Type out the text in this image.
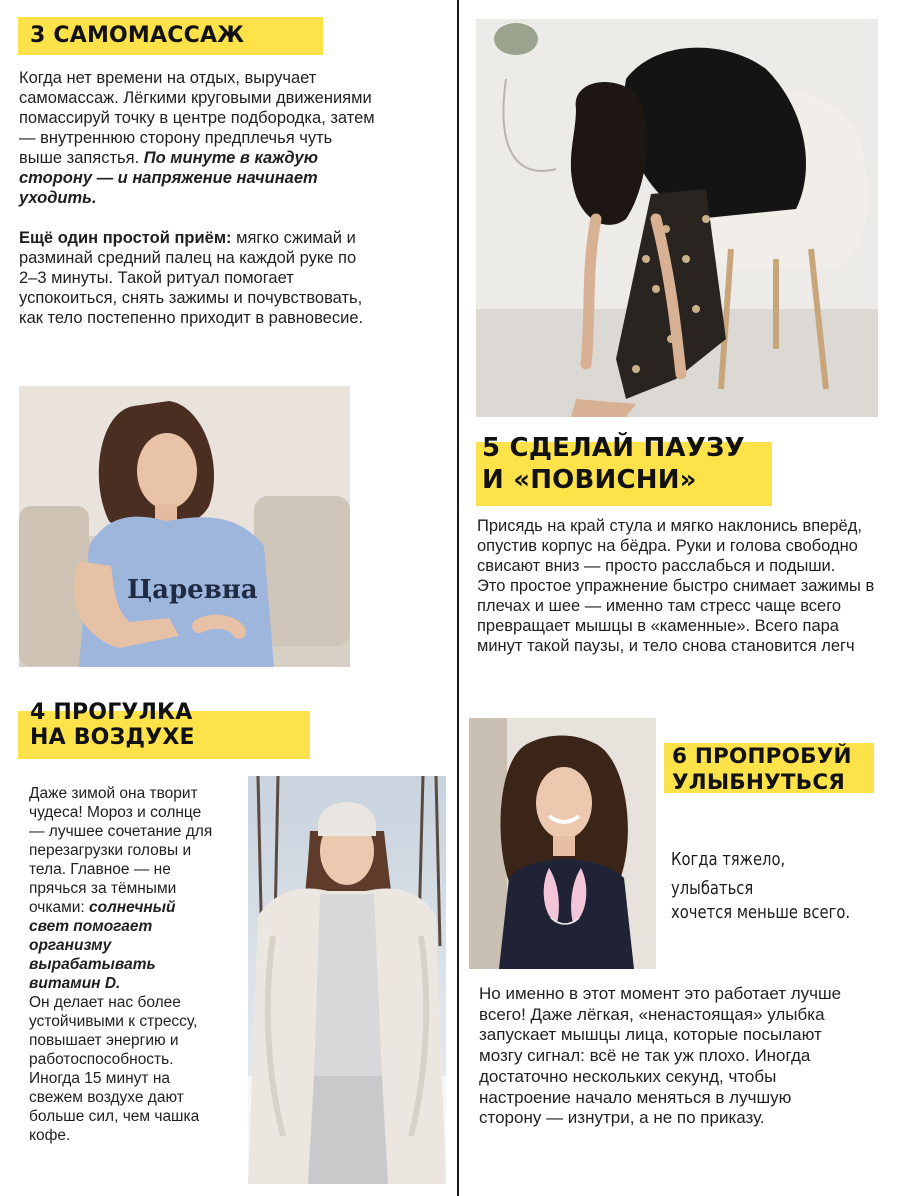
3 САМОМАССАЖ

Когда нет времени на отдых, выручает самомассаж. Лёгкими круговыми движениями помассируй точку в центре подбородка, затем — внутреннюю сторону предплечья чуть выше запястья. По минуте в каждую сторону — и напряжение начинает уходить.

Ещё один простой приём: мягко сжимай и разминай средний палец на каждой руке по 2–3 минуты. Такой ритуал помогает успокоиться, снять зажимы и почувствовать, как тело постепенно приходит в равновесие.

Царевна
4 ПРОГУЛКА
НА ВОЗДУХЕ
Даже зимой она творит чудеса! Мороз и солнце — лучшее сочетание для перезагрузки головы и тела. Главное — не прячься за тёмными очками: солнечный свет помогает организму вырабатывать витамин D.
Он делает нас более устойчивыми к стрессу, повышает энергию и работоспособность. Иногда 15 минут на свежем воздухе дают больше сил, чем чашка кофе.
5 СДЕЛАЙ ПАУЗУ
И «ПОВИСНИ»

Присядь на край стула и мягко наклонись вперёд, опустив корпус на бёдра. Руки и голова свободно свисают вниз — просто расслабься и подыши.

Это простое упражнение быстро снимает зажимы в плечах и шее — именно там стресс чаще всего превращает мышцы в «каменные». Всего пара минут такой паузы, и тело снова становится легч

6 ПРОПРОБУЙ
УЛЫБНУТЬСЯ
Когда тяжело,
улыбаться
хочется меньше всего.

Но именно в этот момент это работает лучше всего! Даже лёгкая, «ненастоящая» улыбка запускает мышцы лица, которые посылают мозгу сигнал: всё не так уж плохо. Иногда достаточно нескольких секунд, чтобы настроение начало меняться в лучшую сторону — изнутри, а не по приказу.
